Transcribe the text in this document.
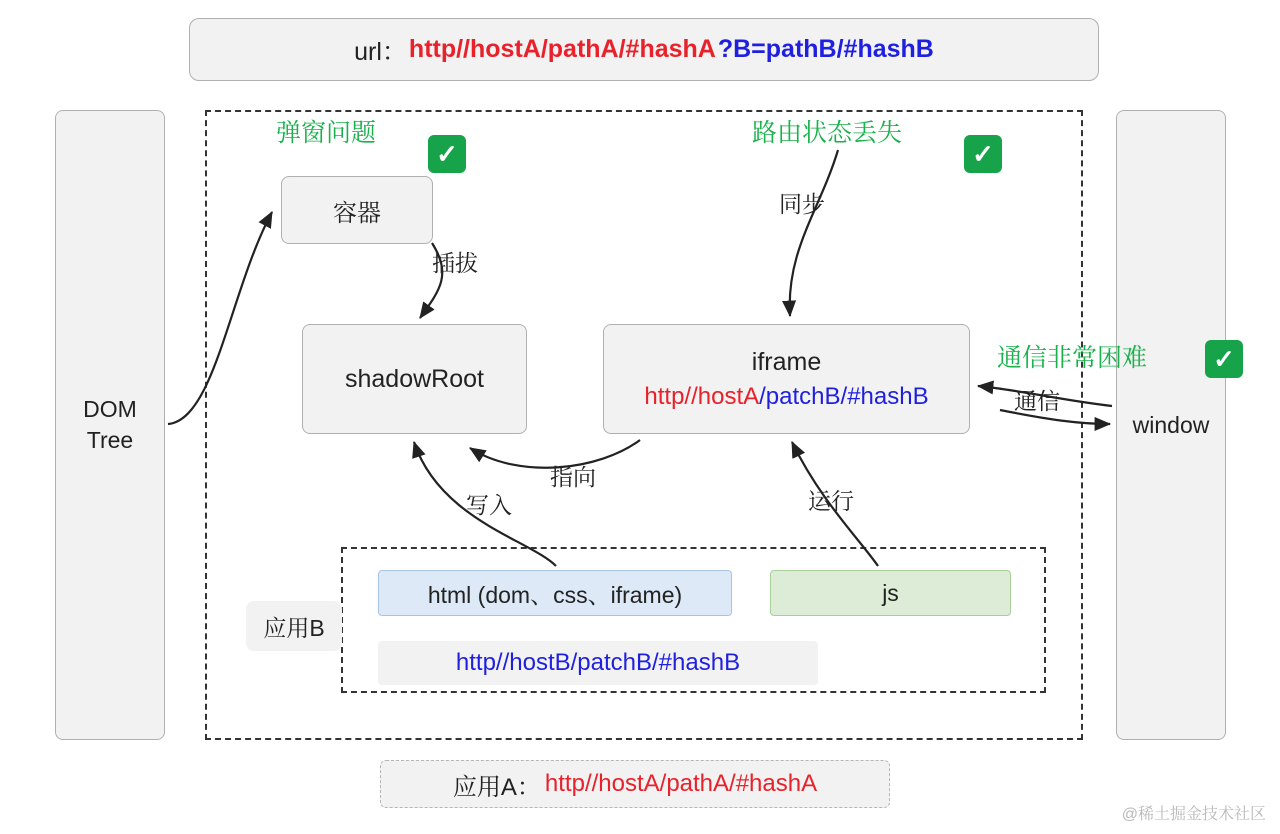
url： http//hostA/pathA/#hashA ?B=pathB/#hashB
DOM
Tree
window
容器
shadowRoot
iframe
http//hostA/patchB/#hashB
应用B
html (dom、css、iframe)	js
http//hostB/patchB/#hashB
应用A： http//hostA/pathA/#hashA
弹窗问题
✓
路由状态丢失
✓
通信非常困难	✓
插拔
同步
通信
指向
写入	运行
@稀土掘金技术社区
